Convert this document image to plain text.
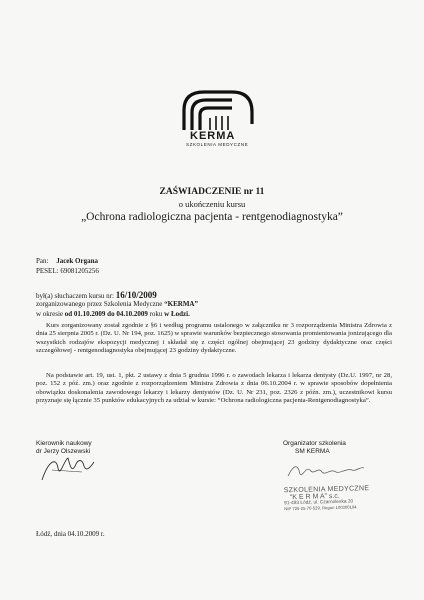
KERMA
SZKOLENIA MEDYCZNE
ZAŚWIADCZENIE nr 11
o ukończeniu kursu
„Ochrona radiologiczna pacjenta - rentgenodiagnostyka”
Pan: Jacek Organa
PESEL: 69081205256
był(a) słuchaczem kursu nr: 16/10/2009
zorganizowanego przez Szkolenia Medyczne “KERMA”
w okresie od 01.10.2009 do 04.10.2009 roku w Łodzi.
Kurs zorganizowany został zgodnie z §6 i według programu ustalonego w załączniku nr 3 rozporządzenia Ministra Zdrowia z dnia 25 sierpnia 2005 r. (Dz. U. Nr 194, poz. 1625) w sprawie warunków bezpiecznego stosowania promieniowania jonizującego dla wszystkich rodzajów ekspozycji medycznej i składał się z części ogólnej obejmującej 23 godziny dydaktyczne oraz części szczegółowej - rentgenodiagnostyka obejmującej 23 godziny dydaktyczne.
Na podstawie art. 19, ust. 1, pkt. 2 ustawy z dnia 5 grudnia 1996 r. o zawodach lekarza i lekarza dentysty (Dz.U. 1997, nr 28, poz. 152 z póź. zm.) oraz zgodnie z rozporządzeniem Ministra Zdrowia z dnia 06.10.2004 r. w sprawie sposobów dopełnienia obowiązku doskonalenia zawodowego lekarzy i lekarzy dentystów (Dz. U. Nr 231, poz. 2326 z późn. zm.), uczestnikowi kursu przyznaje się łącznie 35 punktów edukacyjnych za udział w kursie: “Ochrona radiologiczna pacjenta-Rentgenodiagnostyka”.
Kierownik naukowy
dr Jerzy Olszewski
Organizator szkolenia
SM KERMA
SZKOLENIA MEDYCZNE
“K E R M A” s.c.
91-493 Łódź, ul. Czarnoleska 20
NIP 726-25-70-529, Regon 100300194
Łódź, dnia 04.10.2009 r.
